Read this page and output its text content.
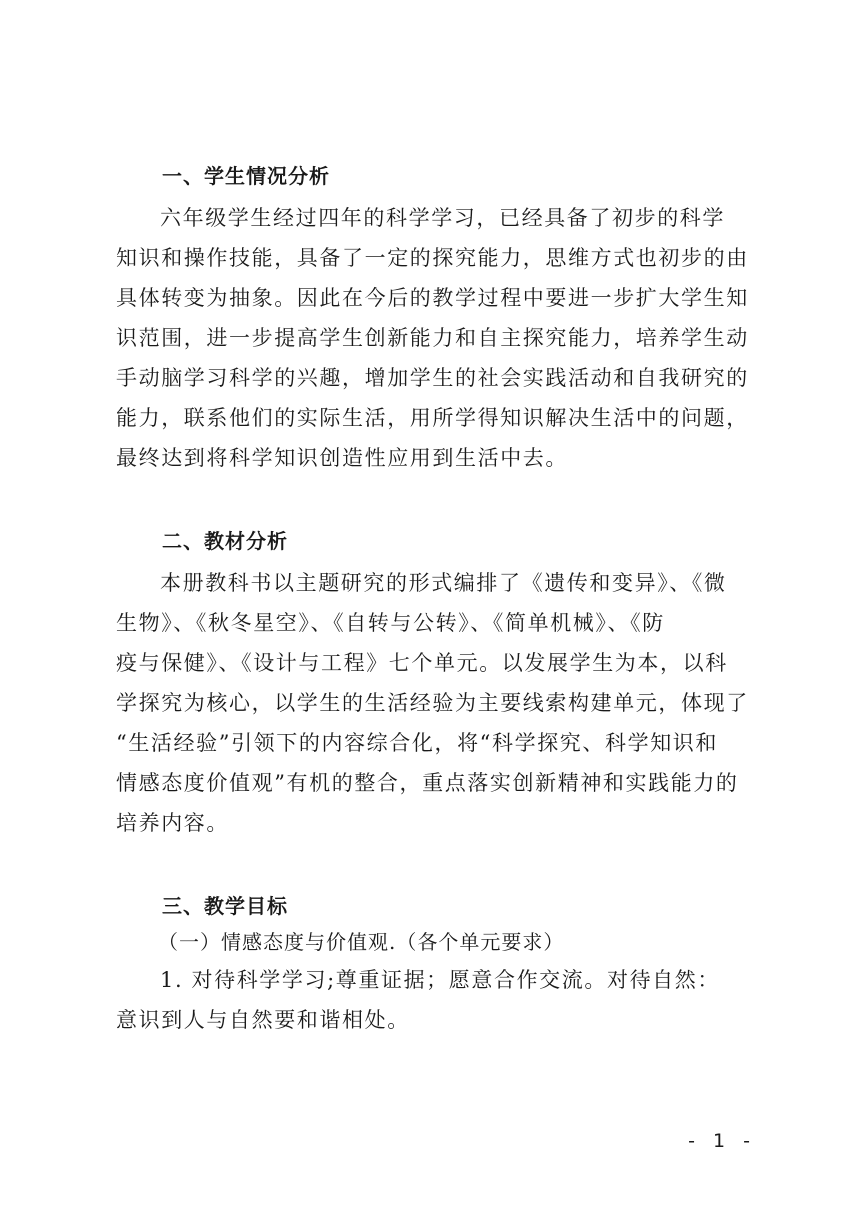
一、学生情况分析
六年级学生经过四年的科学学习，已经具备了初步的科学
知识和操作技能，具备了一定的探究能力，思维方式也初步的由
具体转变为抽象。因此在今后的教学过程中要进一步扩大学生知
识范围，进一步提高学生创新能力和自主探究能力，培养学生动
手动脑学习科学的兴趣，增加学生的社会实践活动和自我研究的
能力，联系他们的实际生活，用所学得知识解决生活中的问题，
最终达到将科学知识创造性应用到生活中去。
二、教材分析
本册教科书以主题研究的形式编排了《遗传和变异》、《微
生物》、《秋冬星空》、《自转与公转》、《简单机械》、《防
疫与保健》、《设计与工程》七个单元。以发展学生为本，以科
学探究为核心，以学生的生活经验为主要线索构建单元，体现了
“生活经验”引领下的内容综合化，将“科学探究、科学知识和
情感态度价值观”有机的整合，重点落实创新精神和实践能力的
培养内容。
三、教学目标
（一）情感态度与价值观.（各个单元要求）
1. 对待科学学习;尊重证据；愿意合作交流。对待自然：
意识到人与自然要和谐相处。
- 1 -
